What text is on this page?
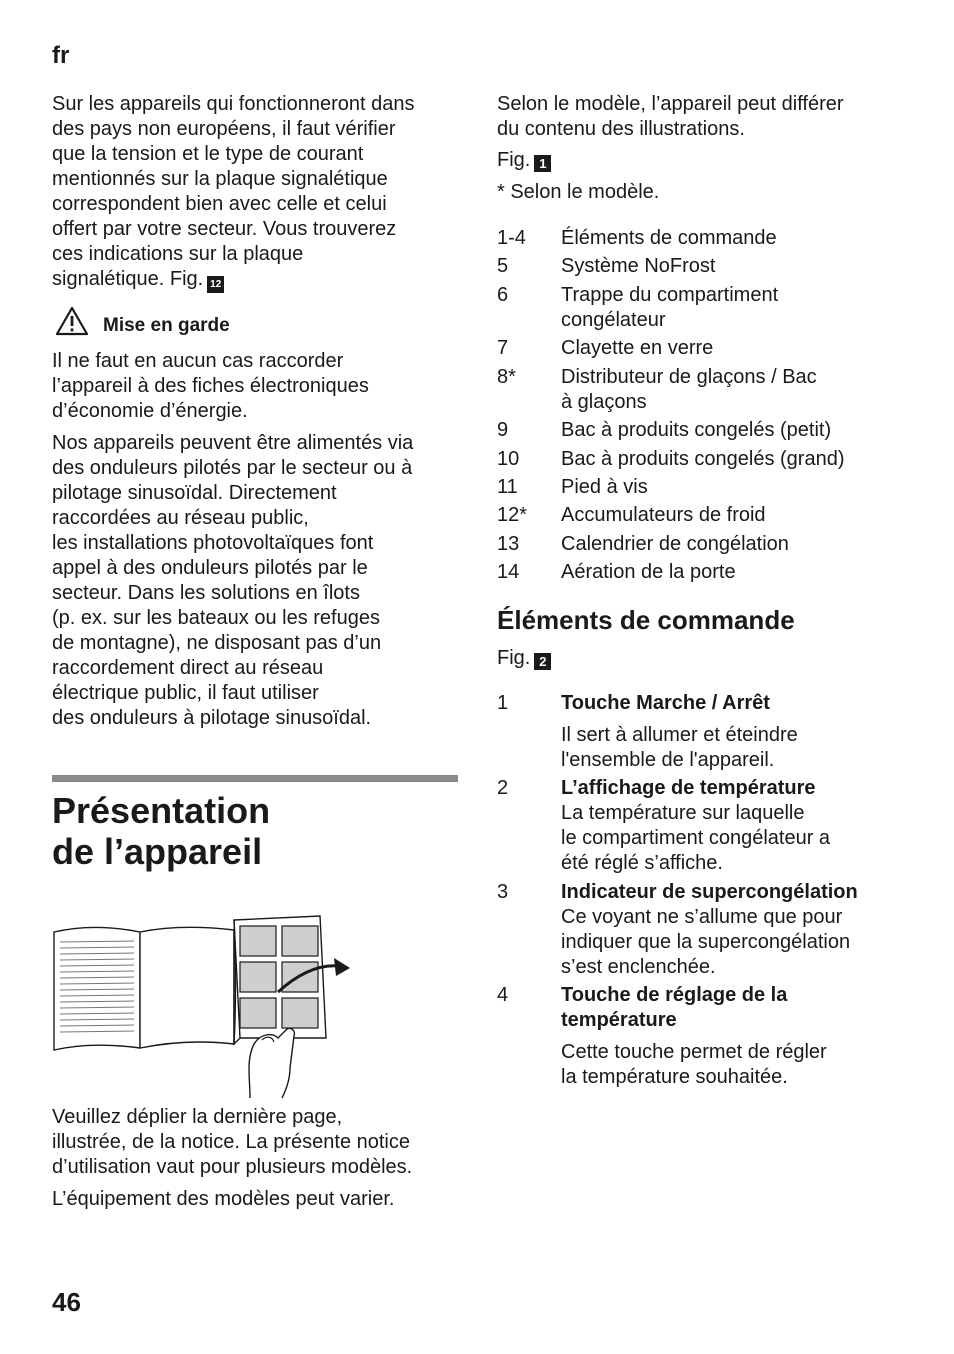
fr
46

Sur les appareils qui fonctionneront dans
des pays non européens, il faut vérifier
que la tension et le type de courant
mentionnés sur la plaque signalétique
correspondent bien avec celle et celui
offert par votre secteur. Vous trouverez
ces indications sur la plaque
signalétique. Fig. 12

Mise en garde

Il ne faut en aucun cas raccorder
l’appareil à des fiches électroniques
d’économie d’énergie.

Nos appareils peuvent être alimentés via
des onduleurs pilotés par le secteur ou à
pilotage sinusoïdal. Directement
raccordées au réseau public,
les installations photovoltaïques font
appel à des onduleurs pilotés par le
secteur. Dans les solutions en îlots
(p. ex. sur les bateaux ou les refuges
de montagne), ne disposant pas d’un
raccordement direct au réseau
électrique public, il faut utiliser
des onduleurs à pilotage sinusoïdal.

Présentation
de l’appareil

Veuillez déplier la dernière page,
illustrée, de la notice. La présente notice
d’utilisation vaut pour plusieurs modèles.

L’équipement des modèles peut varier.

Selon le modèle, l’appareil peut différer
du contenu des illustrations.

Fig. 1

* Selon le modèle.

1-4 Éléments de commande
5	Système NoFrost
6	Trappe du compartiment
congélateur
7	Clayette en verre
8* Distributeur de glaçons / Bac
à glaçons
9	Bac à produits congelés (petit)
10 Bac à produits congelés (grand)
11 Pied à vis
12* Accumulateurs de froid
13 Calendrier de congélation
14 Aération de la porte
Éléments de commande

Fig. 2

1	Touche Marche / Arrêt
Il sert à allumer et éteindre
l'ensemble de l'appareil.
2	L’affichage de température
La température sur laquelle
le compartiment congélateur a
été réglé s’affiche.
3	Indicateur de supercongélation
Ce voyant ne s’allume que pour
indiquer que la supercongélation
s’est enclenchée.
4	Touche de réglage de la
température
Cette touche permet de régler
la température souhaitée.
